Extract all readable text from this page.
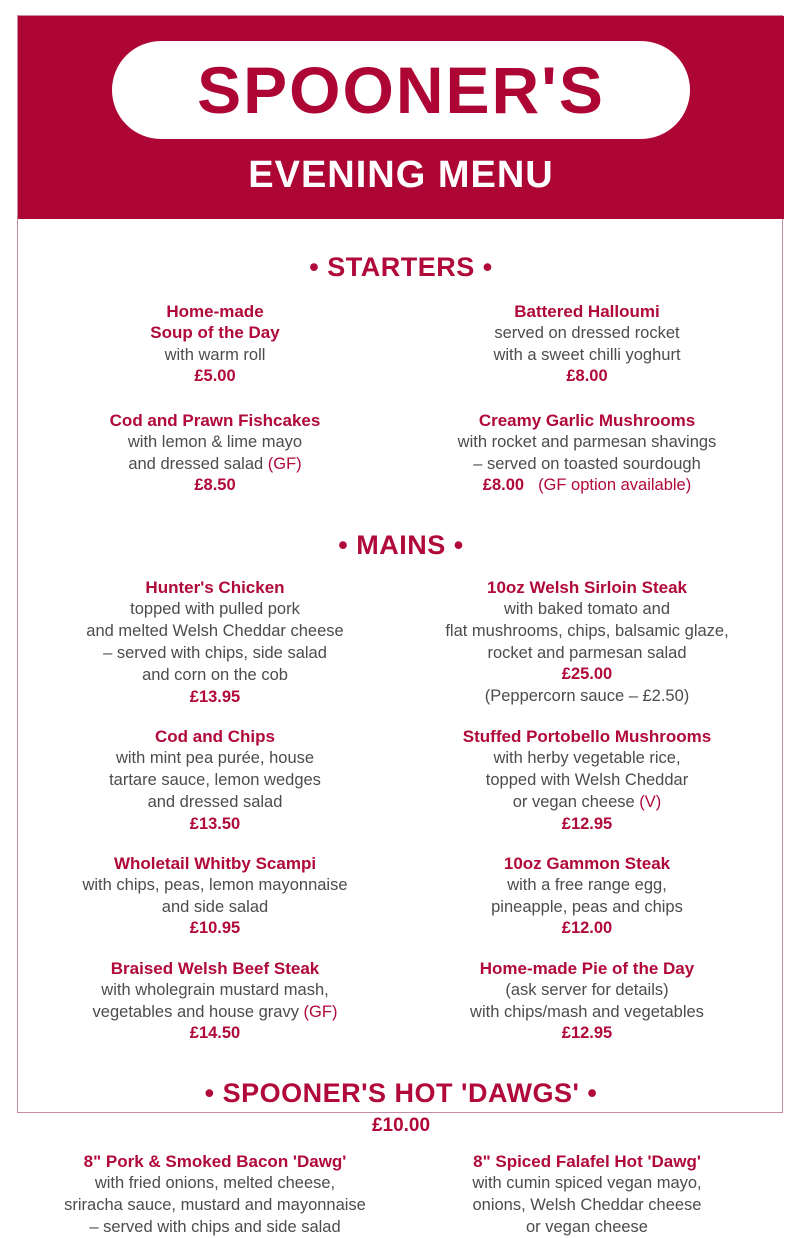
SPOONER'S
EVENING MENU
• STARTERS •
Home-made
Soup of the Day
with warm roll
£5.00
Battered Halloumi
served on dressed rocket
with a sweet chilli yoghurt
£8.00
Cod and Prawn Fishcakes
with lemon & lime mayo
and dressed salad (GF)
£8.50
Creamy Garlic Mushrooms
with rocket and parmesan shavings
– served on toasted sourdough
£8.00 (GF option available)
• MAINS •
Hunter's Chicken
topped with pulled pork
and melted Welsh Cheddar cheese
– served with chips, side salad
and corn on the cob
£13.95
10oz Welsh Sirloin Steak
with baked tomato and
flat mushrooms, chips, balsamic glaze,
rocket and parmesan salad
£25.00
(Peppercorn sauce – £2.50)
Cod and Chips
with mint pea purée, house
tartare sauce, lemon wedges
and dressed salad
£13.50
Stuffed Portobello Mushrooms
with herby vegetable rice,
topped with Welsh Cheddar
or vegan cheese (V)
£12.95
Wholetail Whitby Scampi
with chips, peas, lemon mayonnaise
and side salad
£10.95
10oz Gammon Steak
with a free range egg,
pineapple, peas and chips
£12.00
Braised Welsh Beef Steak
with wholegrain mustard mash,
vegetables and house gravy (GF)
£14.50
Home-made Pie of the Day
(ask server for details)
with chips/mash and vegetables
£12.95
• SPOONER'S HOT 'DAWGS' •
£10.00
8" Pork & Smoked Bacon 'Dawg'
with fried onions, melted cheese,
sriracha sauce, mustard and mayonnaise
– served with chips and side salad
8" Spiced Falafel Hot 'Dawg'
with cumin spiced vegan mayo,
onions, Welsh Cheddar cheese
or vegan cheese
